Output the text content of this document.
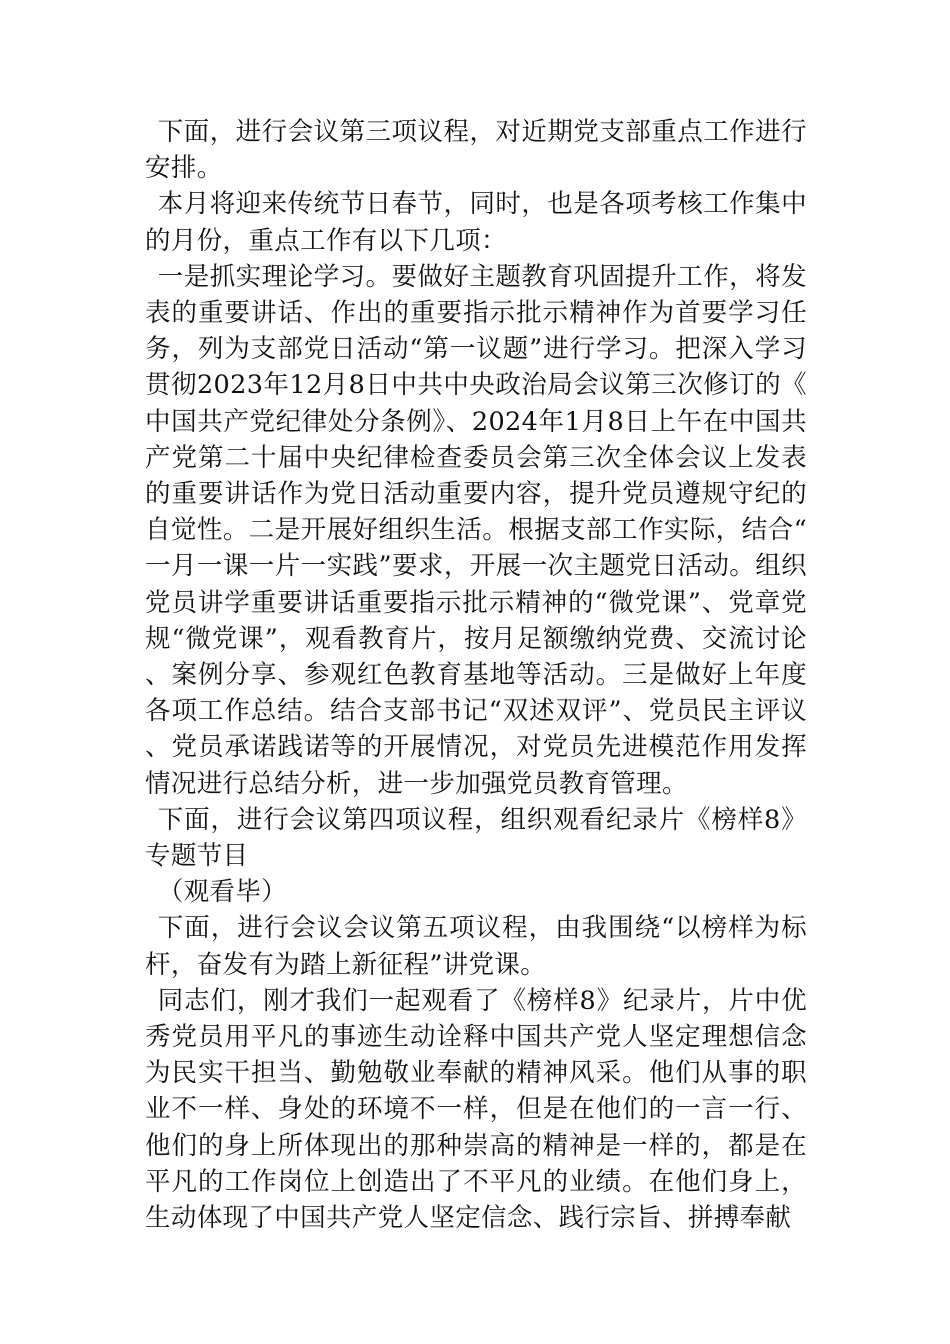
下面，进行会议第三项议程，对近期党支部重点工作进行安排。

本月将迎来传统节日春节，同时，也是各项考核工作集中的月份，重点工作有以下几项：

一是抓实理论学习。要做好主题教育巩固提升工作，将发表的重要讲话、作出的重要指示批示精神作为首要学习任务，列为支部党日活动“第一议题”进行学习。把深入学习贯彻2023年12月8日中共中央政治局会议第三次修订的《中国共产党纪律处分条例》、2024年1月8日上午在中国共产党第二十届中央纪律检查委员会第三次全体会议上发表的重要讲话作为党日活动重要内容，提升党员遵规守纪的自觉性。二是开展好组织生活。根据支部工作实际，结合“一月一课一片一实践”要求，开展一次主题党日活动。组织党员讲学重要讲话重要指示批示精神的“微党课”、党章党规“微党课”，观看教育片，按月足额缴纳党费、交流讨论、案例分享、参观红色教育基地等活动。三是做好上年度各项工作总结。结合支部书记“双述双评”、党员民主评议、党员承诺践诺等的开展情况，对党员先进模范作用发挥情况进行总结分析，进一步加强党员教育管理。

下面，进行会议第四项议程，组织观看纪录片《榜样8》专题节目

（观看毕）

下面，进行会议会议第五项议程，由我围绕“以榜样为标杆，奋发有为踏上新征程”讲党课。

同志们，刚才我们一起观看了《榜样8》纪录片，片中优秀党员用平凡的事迹生动诠释中国共产党人坚定理想信念为民实干担当、勤勉敬业奉献的精神风采。他们从事的职业不一样、身处的环境不一样，但是在他们的一言一行、他们的身上所体现出的那种崇高的精神是一样的，都是在平凡的工作岗位上创造出了不平凡的业绩。在他们身上，生动体现了中国共产党人坚定信念、践行宗旨、拼搏奉献
